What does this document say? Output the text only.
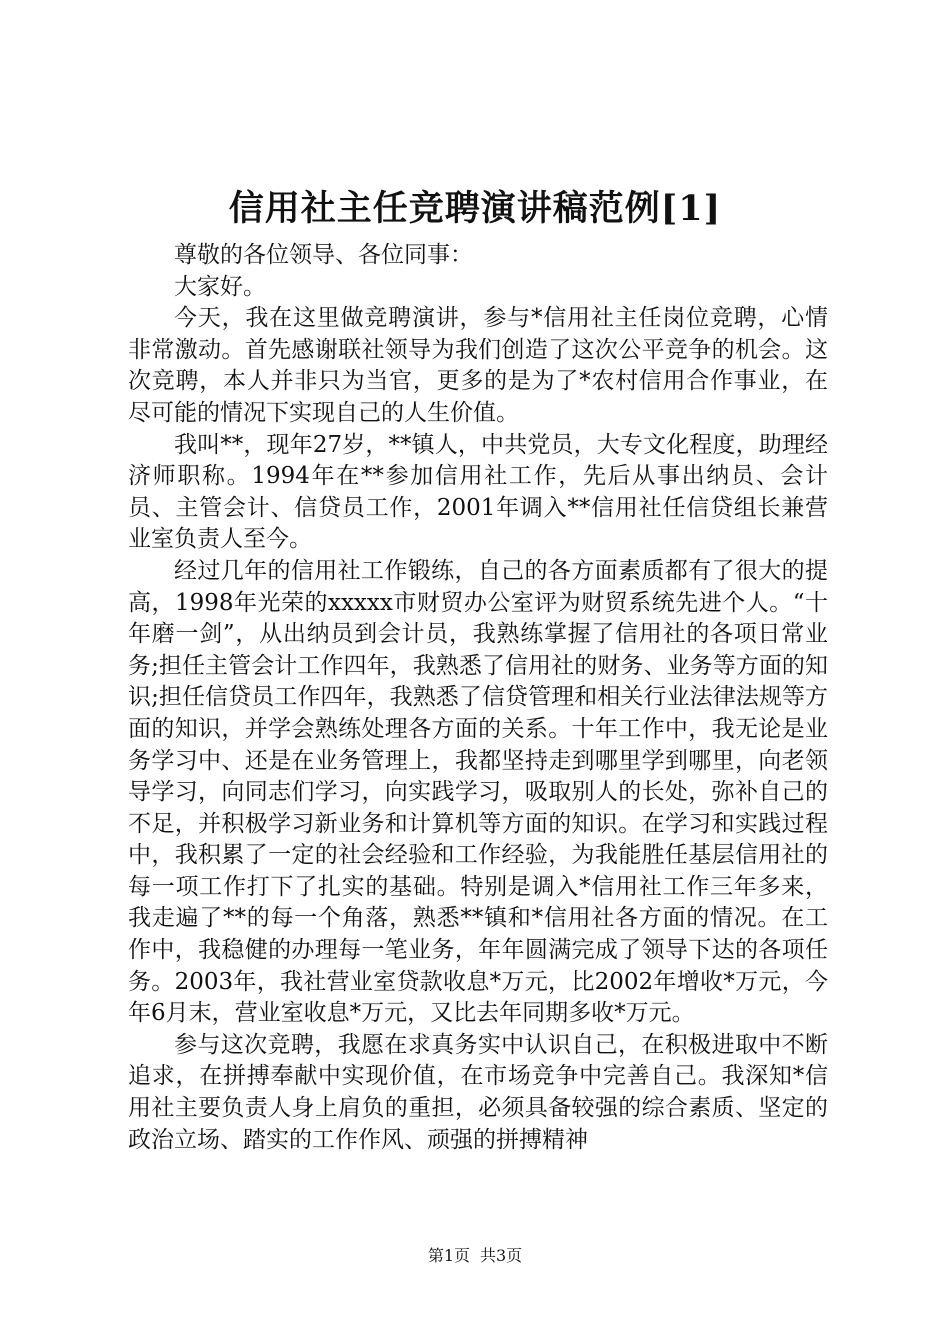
信用社主任竞聘演讲稿范例[1]

尊敬的各位领导、各位同事：

大家好。

今天，我在这里做竞聘演讲，参与*信用社主任岗位竞聘，心情非常激动。首先感谢联社领导为我们创造了这次公平竞争的机会。这次竞聘，本人并非只为当官，更多的是为了*农村信用合作事业，在尽可能的情况下实现自己的人生价值。

我叫**，现年27岁，**镇人，中共党员，大专文化程度，助理经济师职称。1994年在**参加信用社工作，先后从事出纳员、会计员、主管会计、信贷员工作，2001年调入**信用社任信贷组长兼营业室负责人至今。

经过几年的信用社工作锻练，自己的各方面素质都有了很大的提高，1998年光荣的xxxxx市财贸办公室评为财贸系统先进个人。“十年磨一剑”，从出纳员到会计员，我熟练掌握了信用社的各项日常业务;担任主管会计工作四年，我熟悉了信用社的财务、业务等方面的知识;担任信贷员工作四年，我熟悉了信贷管理和相关行业法律法规等方面的知识，并学会熟练处理各方面的关系。十年工作中，我无论是业务学习中、还是在业务管理上，我都坚持走到哪里学到哪里，向老领导学习，向同志们学习，向实践学习，吸取别人的长处，弥补自己的不足，并积极学习新业务和计算机等方面的知识。在学习和实践过程中，我积累了一定的社会经验和工作经验，为我能胜任基层信用社的每一项工作打下了扎实的基础。特别是调入*信用社工作三年多来，我走遍了**的每一个角落，熟悉**镇和*信用社各方面的情况。在工作中，我稳健的办理每一笔业务，年年圆满完成了领导下达的各项任务。2003年，我社营业室贷款收息*万元，比2002年增收*万元，今年6月末，营业室收息*万元，又比去年同期多收*万元。

参与这次竞聘，我愿在求真务实中认识自己，在积极进取中不断追求，在拼搏奉献中实现价值，在市场竞争中完善自己。我深知*信用社主要负责人身上肩负的重担，必须具备较强的综合素质、坚定的政治立场、踏实的工作作风、顽强的拼搏精神

第1页 共3页
